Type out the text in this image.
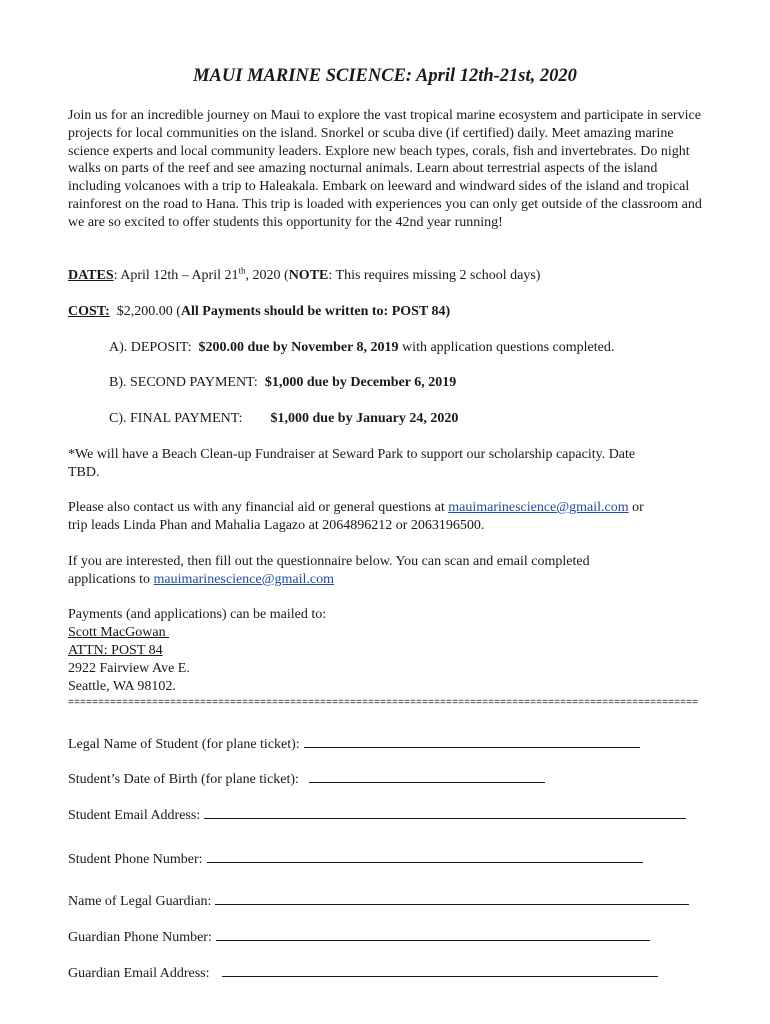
MAUI MARINE SCIENCE: April 12th-21st, 2020

Join us for an incredible journey on Maui to explore the vast tropical marine ecosystem and participate in service projects for local communities on the island. Snorkel or scuba dive (if certified) daily. Meet amazing marine science experts and local community leaders. Explore new beach types, corals, fish and invertebrates. Do night walks on parts of the reef and see amazing nocturnal animals. Learn about terrestrial aspects of the island including volcanoes with a trip to Haleakala. Embark on leeward and windward sides of the island and tropical rainforest on the road to Hana. This trip is loaded with experiences you can only get outside of the classroom and we are so excited to offer students this opportunity for the 42nd year running!

DATES: April 12th – April 21th, 2020 (NOTE: This requires missing 2 school days)
COST:  $2,200.00 (All Payments should be written to: POST 84)
A). DEPOSIT:  $200.00 due by November 8, 2019 with application questions completed.
B). SECOND PAYMENT:  $1,000 due by December 6, 2019
C). FINAL PAYMENT:        $1,000 due by January 24, 2020
*We will have a Beach Clean-up Fundraiser at Seward Park to support our scholarship capacity. Date
TBD.
Please also contact us with any financial aid or general questions at mauimarinescience@gmail.com or
trip leads Linda Phan and Mahalia Lagazo at 2064896212 or 2063196500.
If you are interested, then fill out the questionnaire below. You can scan and email completed
applications to mauimarinescience@gmail.com
Payments (and applications) can be mailed to:
Scott MacGowan
ATTN: POST 84
2922 Fairview Ave E.
Seattle, WA 98102.
=========================================================================================================
Legal Name of Student (for plane ticket):
Student’s Date of Birth (for plane ticket):
Student Email Address:
Student Phone Number:
Name of Legal Guardian:
Guardian Phone Number:
Guardian Email Address:
